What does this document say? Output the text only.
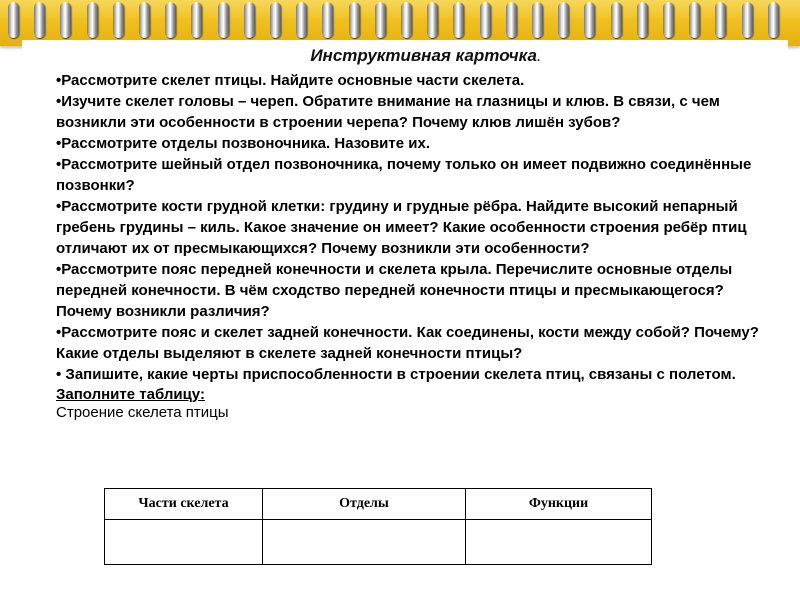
Инструктивная карточка.

•Рассмотрите скелет птицы. Найдите основные части скелета.

•Изучите скелет головы – череп. Обратите внимание на глазницы и клюв. В связи, с чем возникли эти особенности в строении черепа? Почему клюв лишён зубов?

•Рассмотрите отделы позвоночника. Назовите их.

•Рассмотрите шейный отдел позвоночника, почему только он имеет подвижно соединённые позвонки?

•Рассмотрите кости грудной клетки: грудину и грудные рёбра. Найдите высокий непарный гребень грудины – киль. Какое значение он имеет? Какие особенности строения ребёр птиц отличают их от пресмыкающихся? Почему возникли эти особенности?

•Рассмотрите пояс передней конечности и скелета крыла. Перечислите основные отделы передней конечности. В чём сходство передней конечности птицы и пресмыкающегося? Почему возникли различия?

•Рассмотрите пояс и скелет задней конечности. Как соединены, кости между собой? Почему? Какие отделы выделяют в скелете задней конечности птицы?

• Запишите, какие черты приспособленности в строении скелета птиц, связаны с полетом.

Заполните таблицу:
Строение скелета птицы
Части скелета	Отделы	Функции
